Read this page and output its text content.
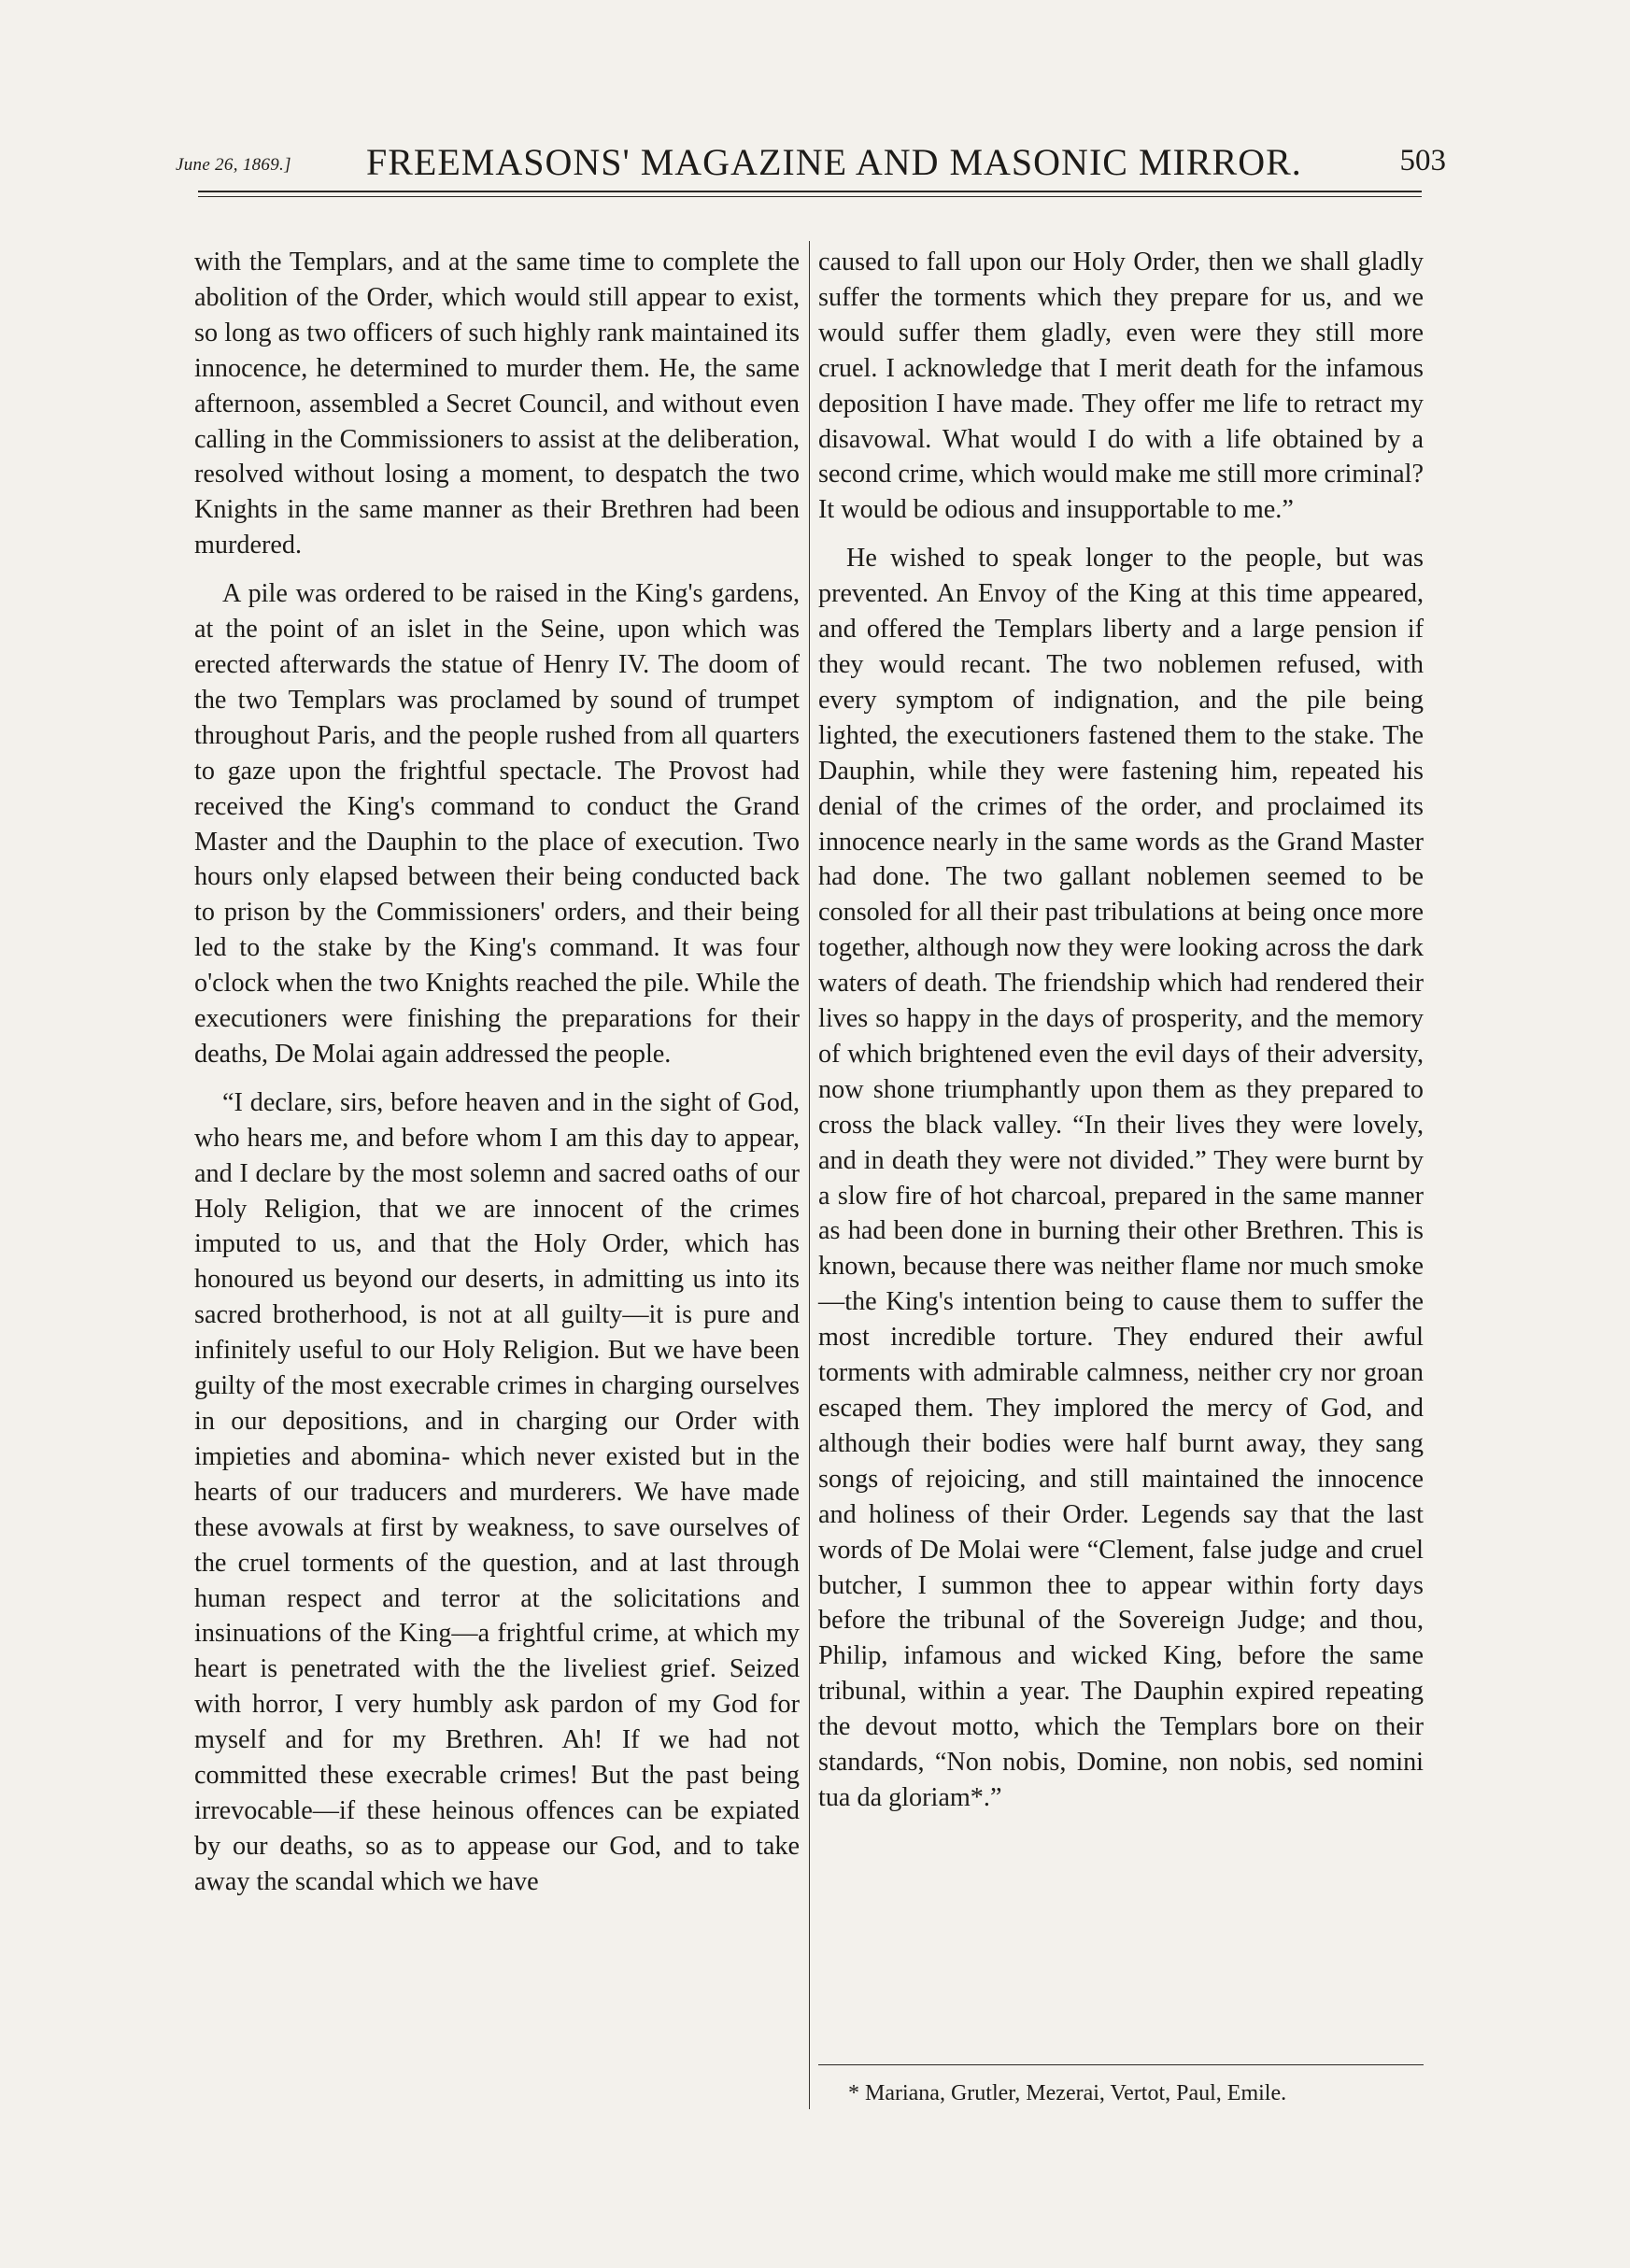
June 26, 1869.] FREEMASONS' MAGAZINE AND MASONIC MIRROR.	503

with the Templars, and at the same time to complete the abolition of the Order, which would still appear to exist, so long as two officers of such highly rank maintained its innocence, he determined to murder them. He, the same afternoon, assembled a Secret Council, and without even calling in the Commissioners to assist at the deliberation, resolved without losing a moment, to despatch the two Knights in the same manner as their Brethren had been murdered.

A pile was ordered to be raised in the King's gardens, at the point of an islet in the Seine, upon which was erected afterwards the statue of Henry IV. The doom of the two Templars was proclamed by sound of trumpet throughout Paris, and the people rushed from all quarters to gaze upon the frightful spectacle. The Provost had received the King's command to conduct the Grand Master and the Dauphin to the place of execution. Two hours only elapsed between their being conducted back to prison by the Commissioners' orders, and their being led to the stake by the King's command. It was four o'clock when the two Knights reached the pile. While the executioners were finishing the preparations for their deaths, De Molai again addressed the people.

“I declare, sirs, before heaven and in the sight of God, who hears me, and before whom I am this day to appear, and I declare by the most solemn and sacred oaths of our Holy Religion, that we are innocent of the crimes imputed to us, and that the Holy Order, which has honoured us beyond our deserts, in admitting us into its sacred brotherhood, is not at all guilty—it is pure and infinitely useful to our Holy Religion. But we have been guilty of the most execrable crimes in charging ourselves in our depositions, and in charging our Order with impieties and abomina- which never existed but in the hearts of our traducers and murderers. We have made these avowals at first by weakness, to save ourselves of the cruel torments of the question, and at last through human respect and terror at the solicitations and insinuations of the King—a frightful crime, at which my heart is penetrated with the the liveliest grief. Seized with horror, I very humbly ask pardon of my God for myself and for my Brethren. Ah! If we had not committed these execrable crimes! But the past being irrevocable—if these heinous offences can be expiated by our deaths, so as to appease our God, and to take away the scandal which we have

caused to fall upon our Holy Order, then we shall gladly suffer the torments which they prepare for us, and we would suffer them gladly, even were they still more cruel. I acknowledge that I merit death for the infamous deposition I have made. They offer me life to retract my disavowal. What would I do with a life obtained by a second crime, which would make me still more criminal? It would be odious and insupportable to me.”

He wished to speak longer to the people, but was prevented. An Envoy of the King at this time appeared, and offered the Templars liberty and a large pension if they would recant. The two noblemen refused, with every symptom of indignation, and the pile being lighted, the executioners fastened them to the stake. The Dauphin, while they were fastening him, repeated his denial of the crimes of the order, and proclaimed its innocence nearly in the same words as the Grand Master had done. The two gallant noblemen seemed to be consoled for all their past tribulations at being once more together, although now they were looking across the dark waters of death. The friendship which had rendered their lives so happy in the days of prosperity, and the memory of which brightened even the evil days of their adversity, now shone triumphantly upon them as they prepared to cross the black valley. “In their lives they were lovely, and in death they were not divided.” They were burnt by a slow fire of hot charcoal, prepared in the same manner as had been done in burning their other Brethren. This is known, because there was neither flame nor much smoke—the King's intention being to cause them to suffer the most incredible torture. They endured their awful torments with admirable calmness, neither cry nor groan escaped them. They implored the mercy of God, and although their bodies were half burnt away, they sang songs of rejoicing, and still maintained the innocence and holiness of their Order. Legends say that the last words of De Molai were “Clement, false judge and cruel butcher, I summon thee to appear within forty days before the tribunal of the Sovereign Judge; and thou, Philip, infamous and wicked King, before the same tribunal, within a year. The Dauphin expired repeating the devout motto, which the Templars bore on their standards, “Non nobis, Domine, non nobis, sed nomini tua da gloriam*.”

* Mariana, Grutler, Mezerai, Vertot, Paul, Emile.
